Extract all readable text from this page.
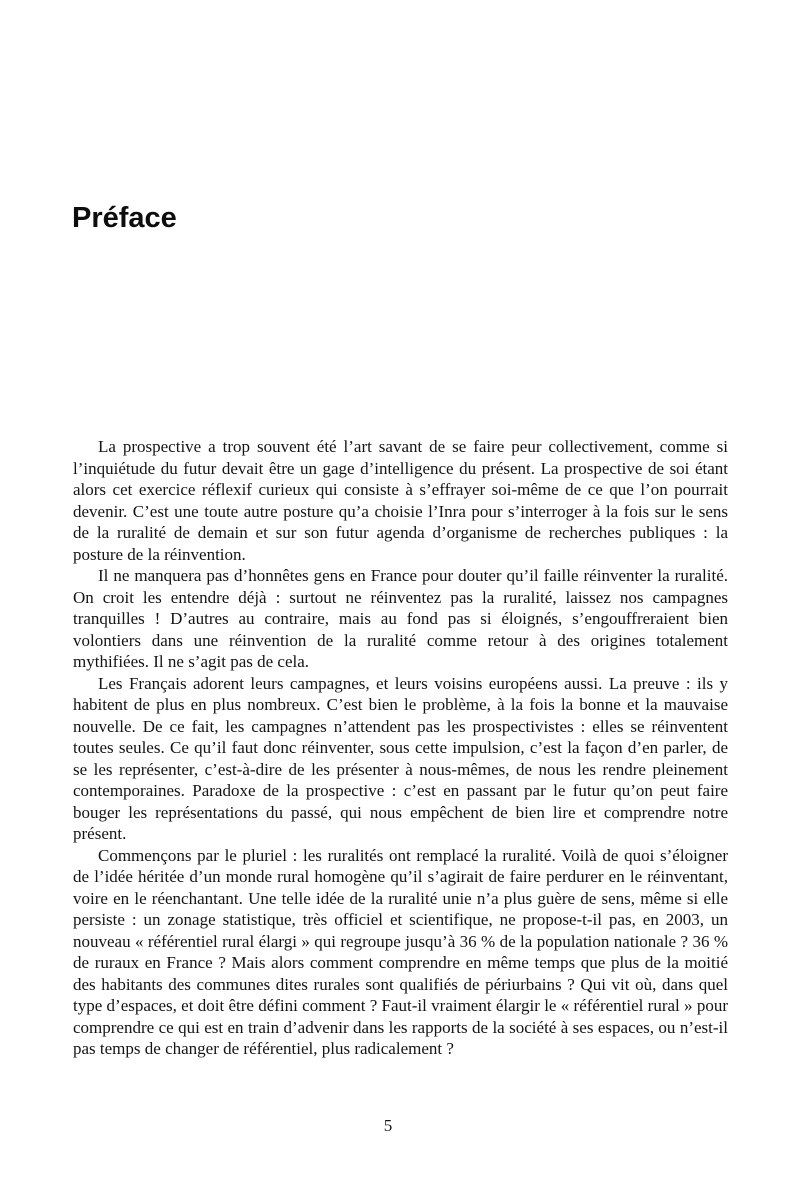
Préface

La prospective a trop souvent été l’art savant de se faire peur collectivement, comme si l’inquiétude du futur devait être un gage d’intelligence du présent. La prospective de soi étant alors cet exercice réflexif curieux qui consiste à s’effrayer soi-même de ce que l’on pourrait devenir. C’est une toute autre posture qu’a choisie l’Inra pour s’interroger à la fois sur le sens de la ruralité de demain et sur son futur agenda d’organisme de recherches publiques : la posture de la réinvention.

Il ne manquera pas d’honnêtes gens en France pour douter qu’il faille réinventer la ruralité. On croit les entendre déjà : surtout ne réinventez pas la ruralité, laissez nos campagnes tranquilles ! D’autres au contraire, mais au fond pas si éloignés, s’engouffreraient bien volontiers dans une réinvention de la ruralité comme retour à des origines totalement mythifiées. Il ne s’agit pas de cela.

Les Français adorent leurs campagnes, et leurs voisins européens aussi. La preuve : ils y habitent de plus en plus nombreux. C’est bien le problème, à la fois la bonne et la mauvaise nouvelle. De ce fait, les campagnes n’attendent pas les prospectivistes : elles se réinventent toutes seules. Ce qu’il faut donc réinventer, sous cette impulsion, c’est la façon d’en parler, de se les représenter, c’est-à-dire de les présenter à nous-mêmes, de nous les rendre pleinement contemporaines. Paradoxe de la prospective : c’est en passant par le futur qu’on peut faire bouger les représentations du passé, qui nous empêchent de bien lire et comprendre notre présent.

Commençons par le pluriel : les ruralités ont remplacé la ruralité. Voilà de quoi s’éloigner de l’idée héritée d’un monde rural homogène qu’il s’agirait de faire perdurer en le réinventant, voire en le réenchantant. Une telle idée de la ruralité unie n’a plus guère de sens, même si elle persiste : un zonage statistique, très officiel et scientifique, ne propose-t-il pas, en 2003, un nouveau « référentiel rural élargi » qui regroupe jusqu’à 36 % de la population nationale ? 36 % de ruraux en France ? Mais alors comment comprendre en même temps que plus de la moitié des habitants des communes dites rurales sont qualifiés de périurbains ? Qui vit où, dans quel type d’espaces, et doit être défini comment ? Faut-il vraiment élargir le « référentiel rural » pour comprendre ce qui est en train d’advenir dans les rapports de la société à ses espaces, ou n’est-il pas temps de changer de référentiel, plus radicalement ?

5
